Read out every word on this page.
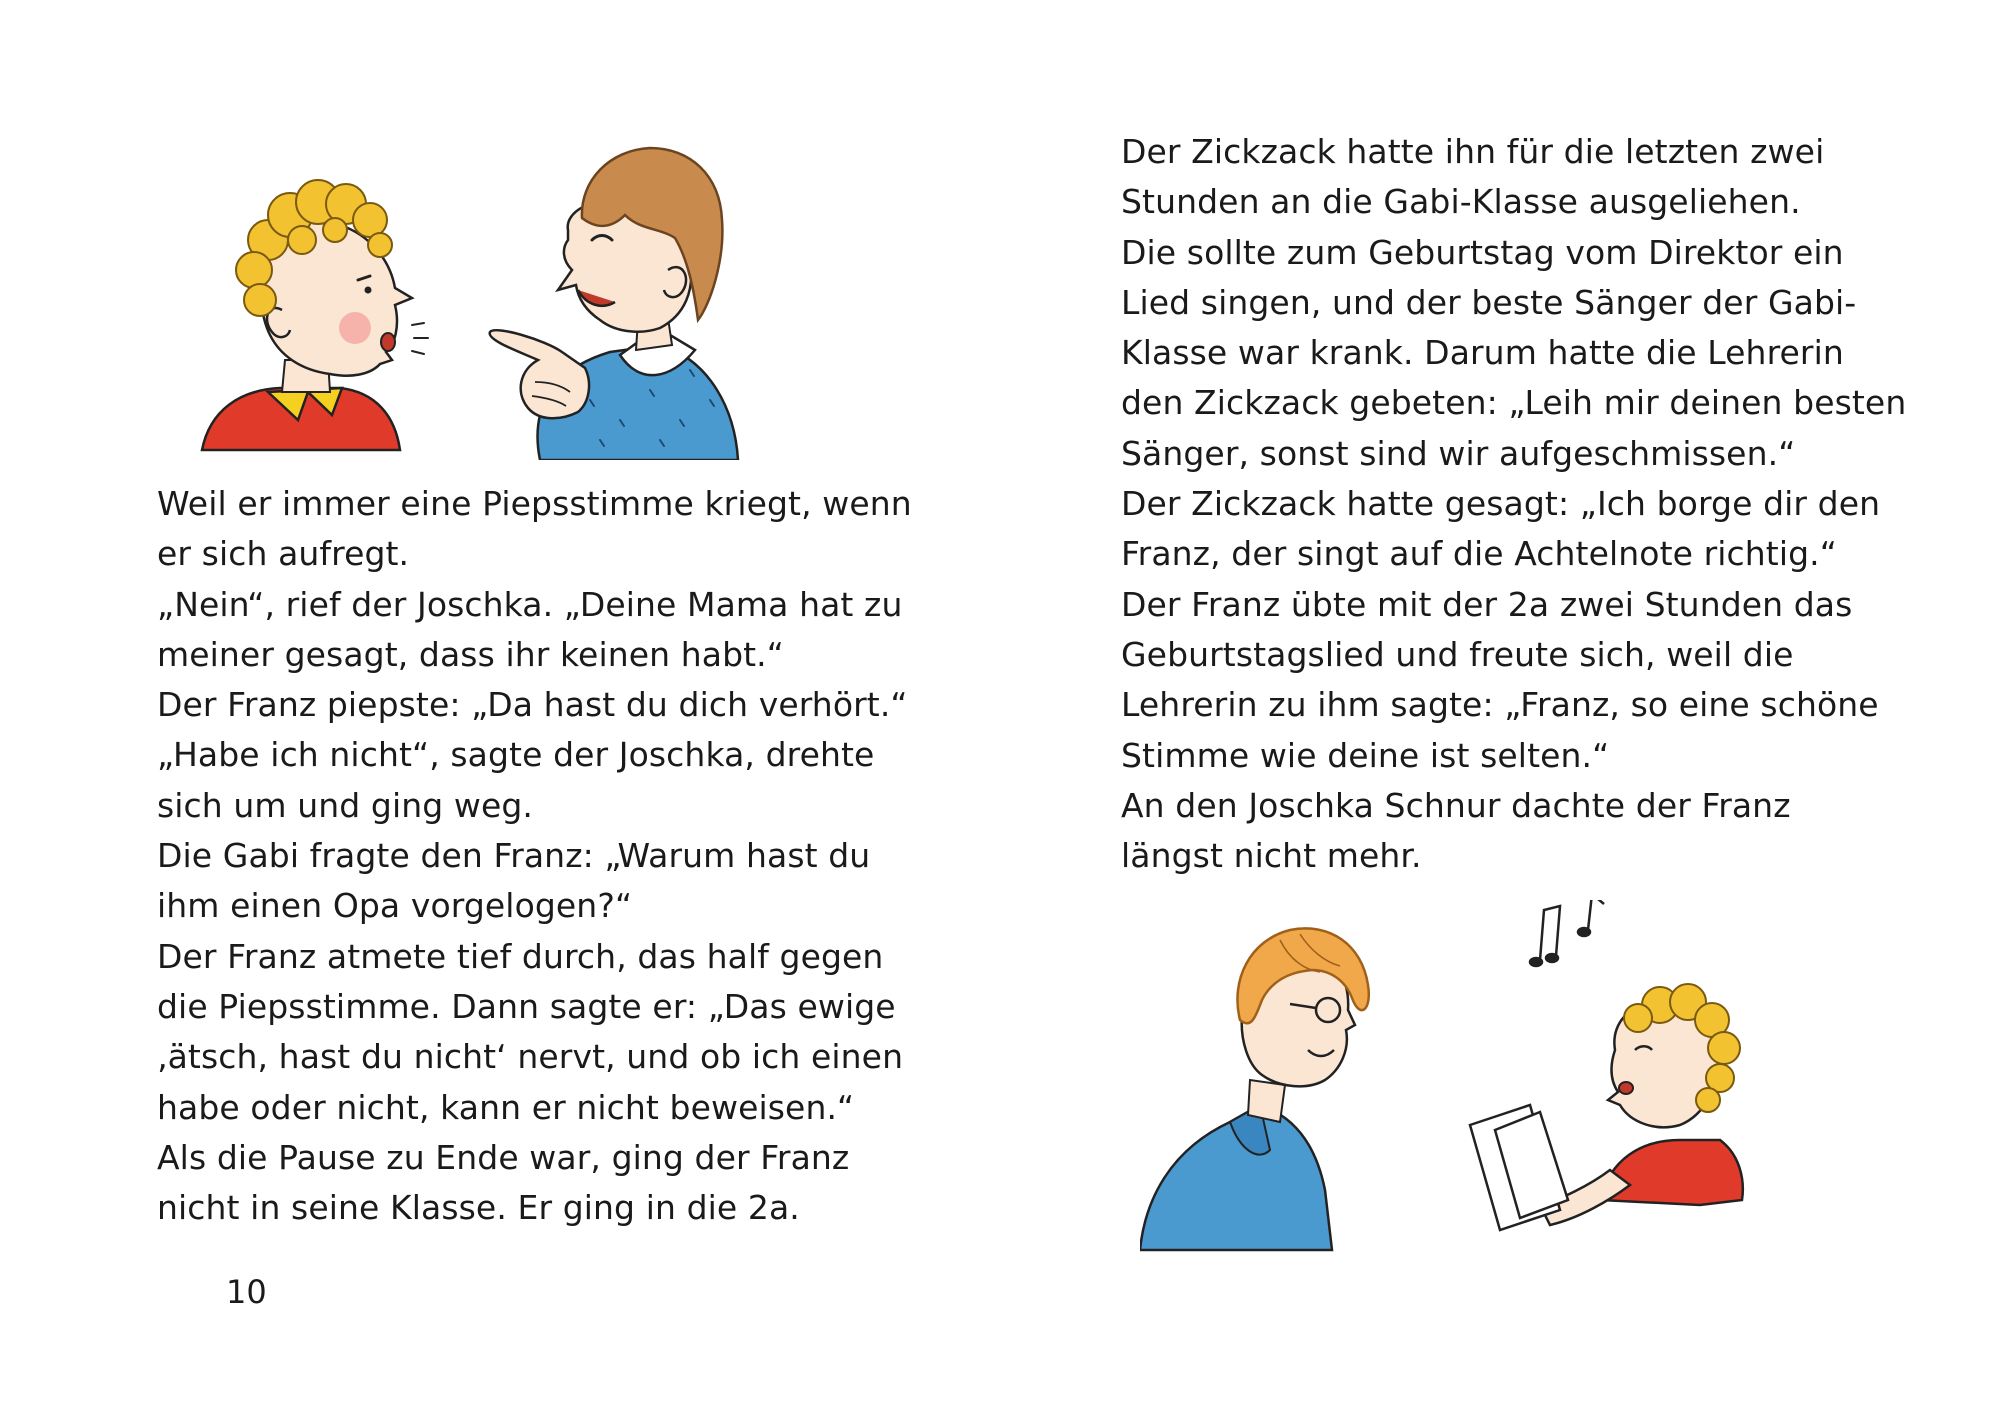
Weil er immer eine Piepsstimme kriegt, wenn
er sich aufregt.
„Nein“, rief der Joschka. „Deine Mama hat zu
meiner gesagt, dass ihr keinen habt.“
Der Franz piepste: „Da hast du dich verhört.“
„Habe ich nicht“, sagte der Joschka, drehte
sich um und ging weg.
Die Gabi fragte den Franz: „Warum hast du
ihm einen Opa vorgelogen?“
Der Franz atmete tief durch, das half gegen
die Piepsstimme. Dann sagte er: „Das ewige
‚ätsch, hast du nicht‘ nervt, und ob ich einen
habe oder nicht, kann er nicht beweisen.“
Als die Pause zu Ende war, ging der Franz
nicht in seine Klasse. Er ging in die 2a.
10
Der Zickzack hatte ihn für die letzten zwei
Stunden an die Gabi-Klasse ausgeliehen.
Die sollte zum Geburtstag vom Direktor ein
Lied singen, und der beste Sänger der Gabi-
Klasse war krank. Darum hatte die Lehrerin
den Zickzack gebeten: „Leih mir deinen besten
Sänger, sonst sind wir aufgeschmissen.“
Der Zickzack hatte gesagt: „Ich borge dir den
Franz, der singt auf die Achtelnote richtig.“
Der Franz übte mit der 2a zwei Stunden das
Geburtstagslied und freute sich, weil die
Lehrerin zu ihm sagte: „Franz, so eine schöne
Stimme wie deine ist selten.“
An den Joschka Schnur dachte der Franz
längst nicht mehr.
